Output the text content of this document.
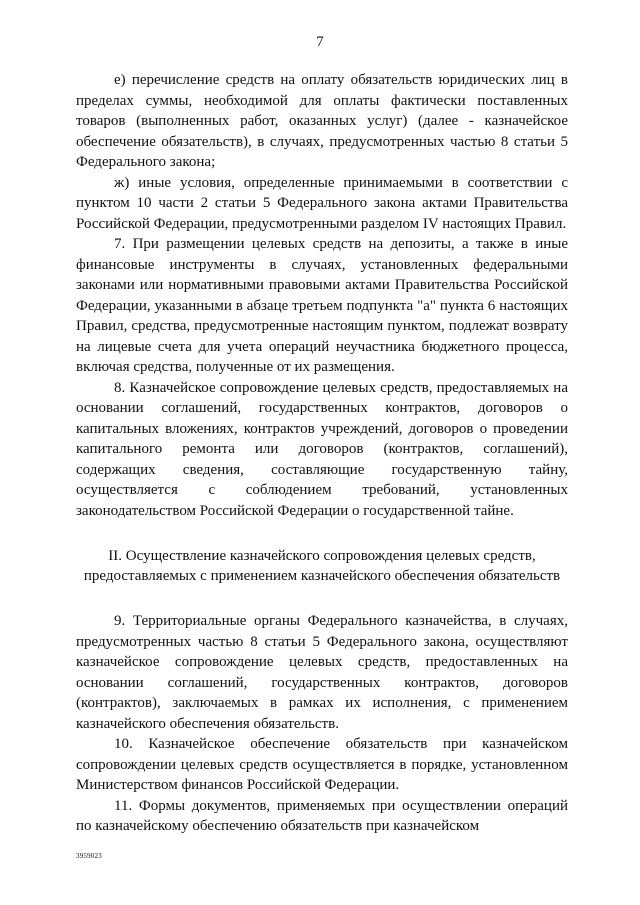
7

е) перечисление средств на оплату обязательств юридических лиц в пределах суммы, необходимой для оплаты фактически поставленных товаров (выполненных работ, оказанных услуг) (далее - казначейское обеспечение обязательств), в случаях, предусмотренных частью 8 статьи 5 Федерального закона;

ж) иные условия, определенные принимаемыми в соответствии с пунктом 10 части 2 статьи 5 Федерального закона актами Правительства Российской Федерации, предусмотренными разделом IV настоящих Правил.

7. При размещении целевых средств на депозиты, а также в иные финансовые инструменты в случаях, установленных федеральными законами или нормативными правовыми актами Правительства Российской Федерации, указанными в абзаце третьем подпункта "а" пункта 6 настоящих Правил, средства, предусмотренные настоящим пунктом, подлежат возврату на лицевые счета для учета операций неучастника бюджетного процесса, включая средства, полученные от их размещения.

8. Казначейское сопровождение целевых средств, предоставляемых на основании соглашений, государственных контрактов, договоров о капитальных вложениях, контрактов учреждений, договоров о проведении капитального ремонта или договоров (контрактов, соглашений), содержащих сведения, составляющие государственную тайну, осуществляется с соблюдением требований, установленных законодательством Российской Федерации о государственной тайне.

II. Осуществление казначейского сопровождения целевых средств,
предоставляемых с применением казначейского обеспечения обязательств

9. Территориальные органы Федерального казначейства, в случаях, предусмотренных частью 8 статьи 5 Федерального закона, осуществляют казначейское сопровождение целевых средств, предоставленных на основании соглашений, государственных контрактов, договоров (контрактов), заключаемых в рамках их исполнения, с применением казначейского обеспечения обязательств.

10. Казначейское обеспечение обязательств при казначейском сопровождении целевых средств осуществляется в порядке, установленном Министерством финансов Российской Федерации.

11. Формы документов, применяемых при осуществлении операций по казначейскому обеспечению обязательств при казначейском

3959023
